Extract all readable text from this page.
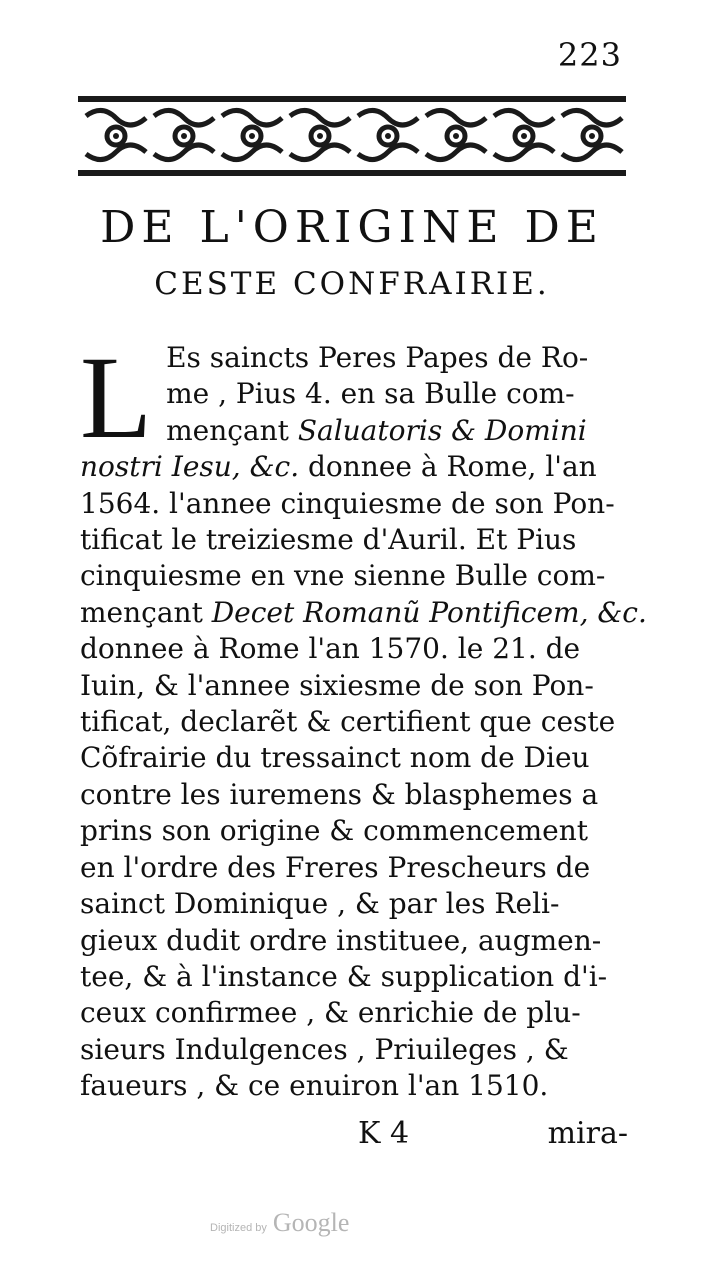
223
DE L'ORIGINE DE
CESTE CONFRAIRIE.
L Es saincts Peres Papes de Ro-
me , Pius 4. en sa Bulle com-
mençant Saluatoris & Domini
nostri Iesu, &c. donnee à Rome, l'an
1564. l'annee cinquiesme de son Pon-
tificat le treiziesme d'Auril. Et Pius
cinquiesme en vne sienne Bulle com-
mençant Decet Romanũ Pontificem, &c.
donnee à Rome l'an 1570. le 21. de
Iuin, & l'annee sixiesme de son Pon-
tificat, declarẽt & certifient que ceste
Cõfrairie du tressainct nom de Dieu
contre les iuremens & blasphemes a
prins son origine & commencement
en l'ordre des Freres Prescheurs de
sainct Dominique , & par les Reli-
gieux dudit ordre instituee, augmen-
tee, & à l'instance & supplication d'i-
ceux confirmee , & enrichie de plu-
sieurs Indulgences , Priuileges , &
faueurs , & ce enuiron l'an 1510.
K 4	mira-
Digitized by Google
